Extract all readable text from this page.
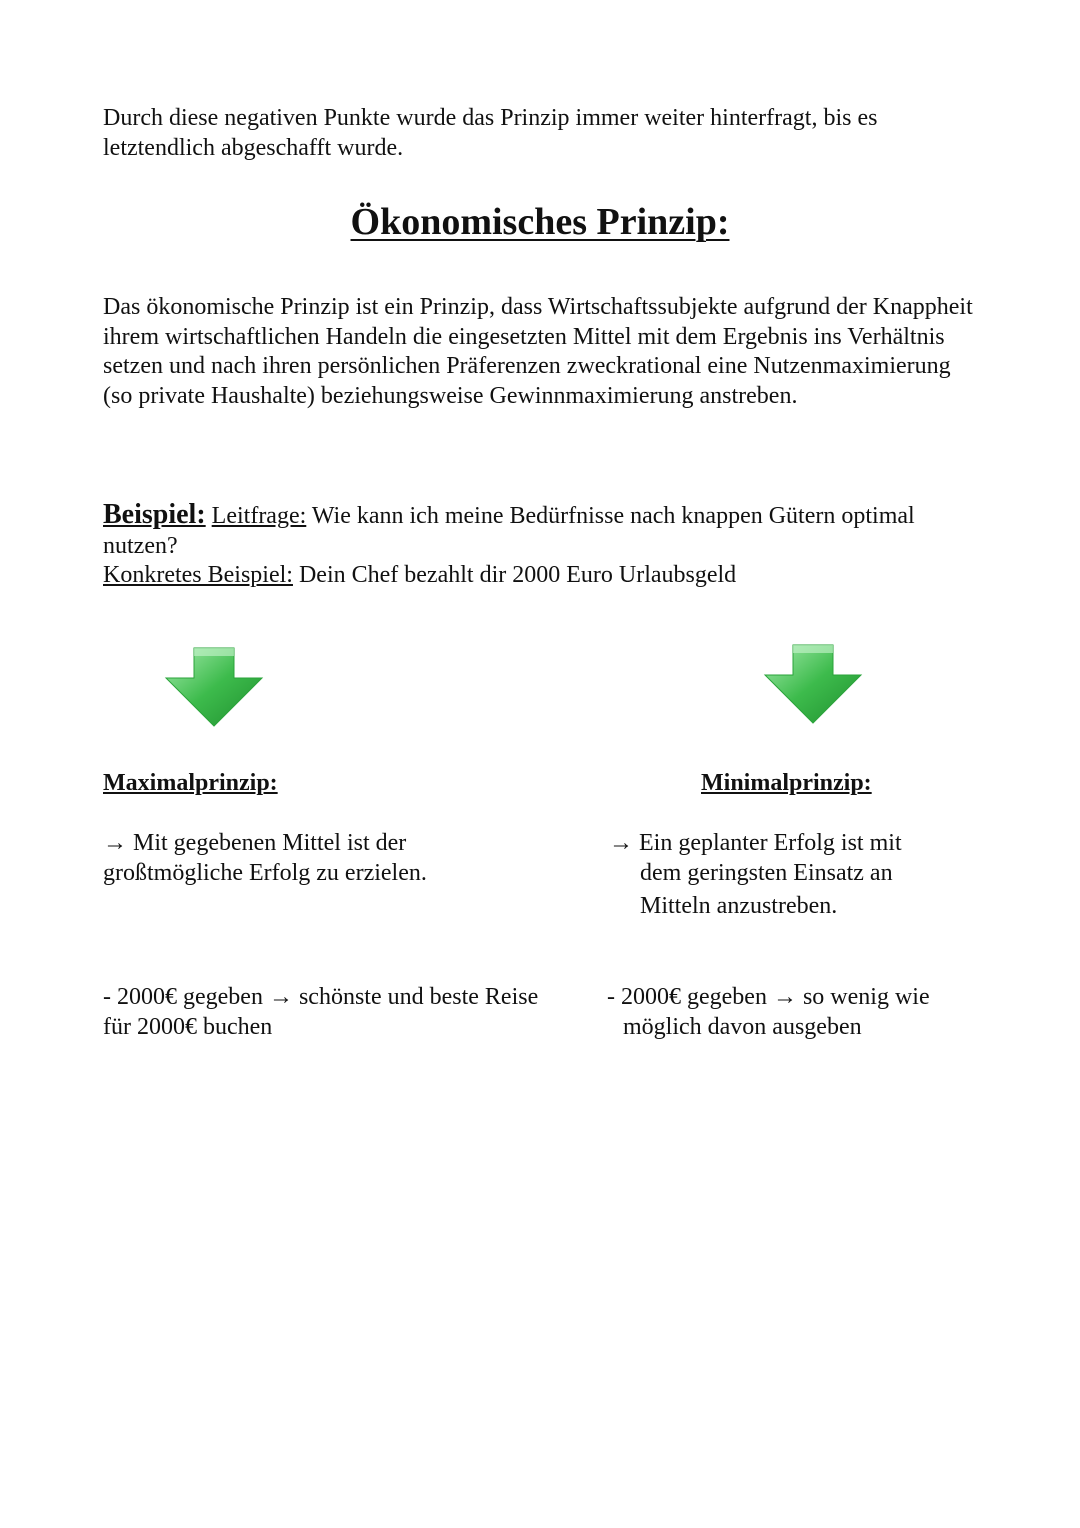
Durch diese negativen Punkte wurde das Prinzip immer weiter hinterfragt, bis es letztendlich abgeschafft wurde.

Ökonomisches Prinzip:

Das ökonomische Prinzip ist ein Prinzip, dass Wirtschaftssubjekte aufgrund der Knappheit ihrem wirtschaftlichen Handeln die eingesetzten Mittel mit dem Ergebnis ins Verhältnis setzen und nach ihren persönlichen Präferenzen zweckrational eine Nutzenmaximierung (so private Haushalte) beziehungsweise Gewinnmaximierung anstreben.

Beispiel: Leitfrage: Wie kann ich meine Bedürfnisse nach knappen Gütern optimal nutzen?
Konkretes Beispiel: Dein Chef bezahlt dir 2000 Euro Urlaubsgeld

Maximalprinzip:	Minimalprinzip:

→ Mit gegebenen Mittel ist der großtmögliche Erfolg zu erzielen.

→ Ein geplanter Erfolg ist mit
dem geringsten Einsatz an
Mitteln anzustreben.

- 2000€ gegeben → schönste und beste Reise für 2000€ buchen

- 2000€ gegeben → so wenig wie
möglich davon ausgeben
